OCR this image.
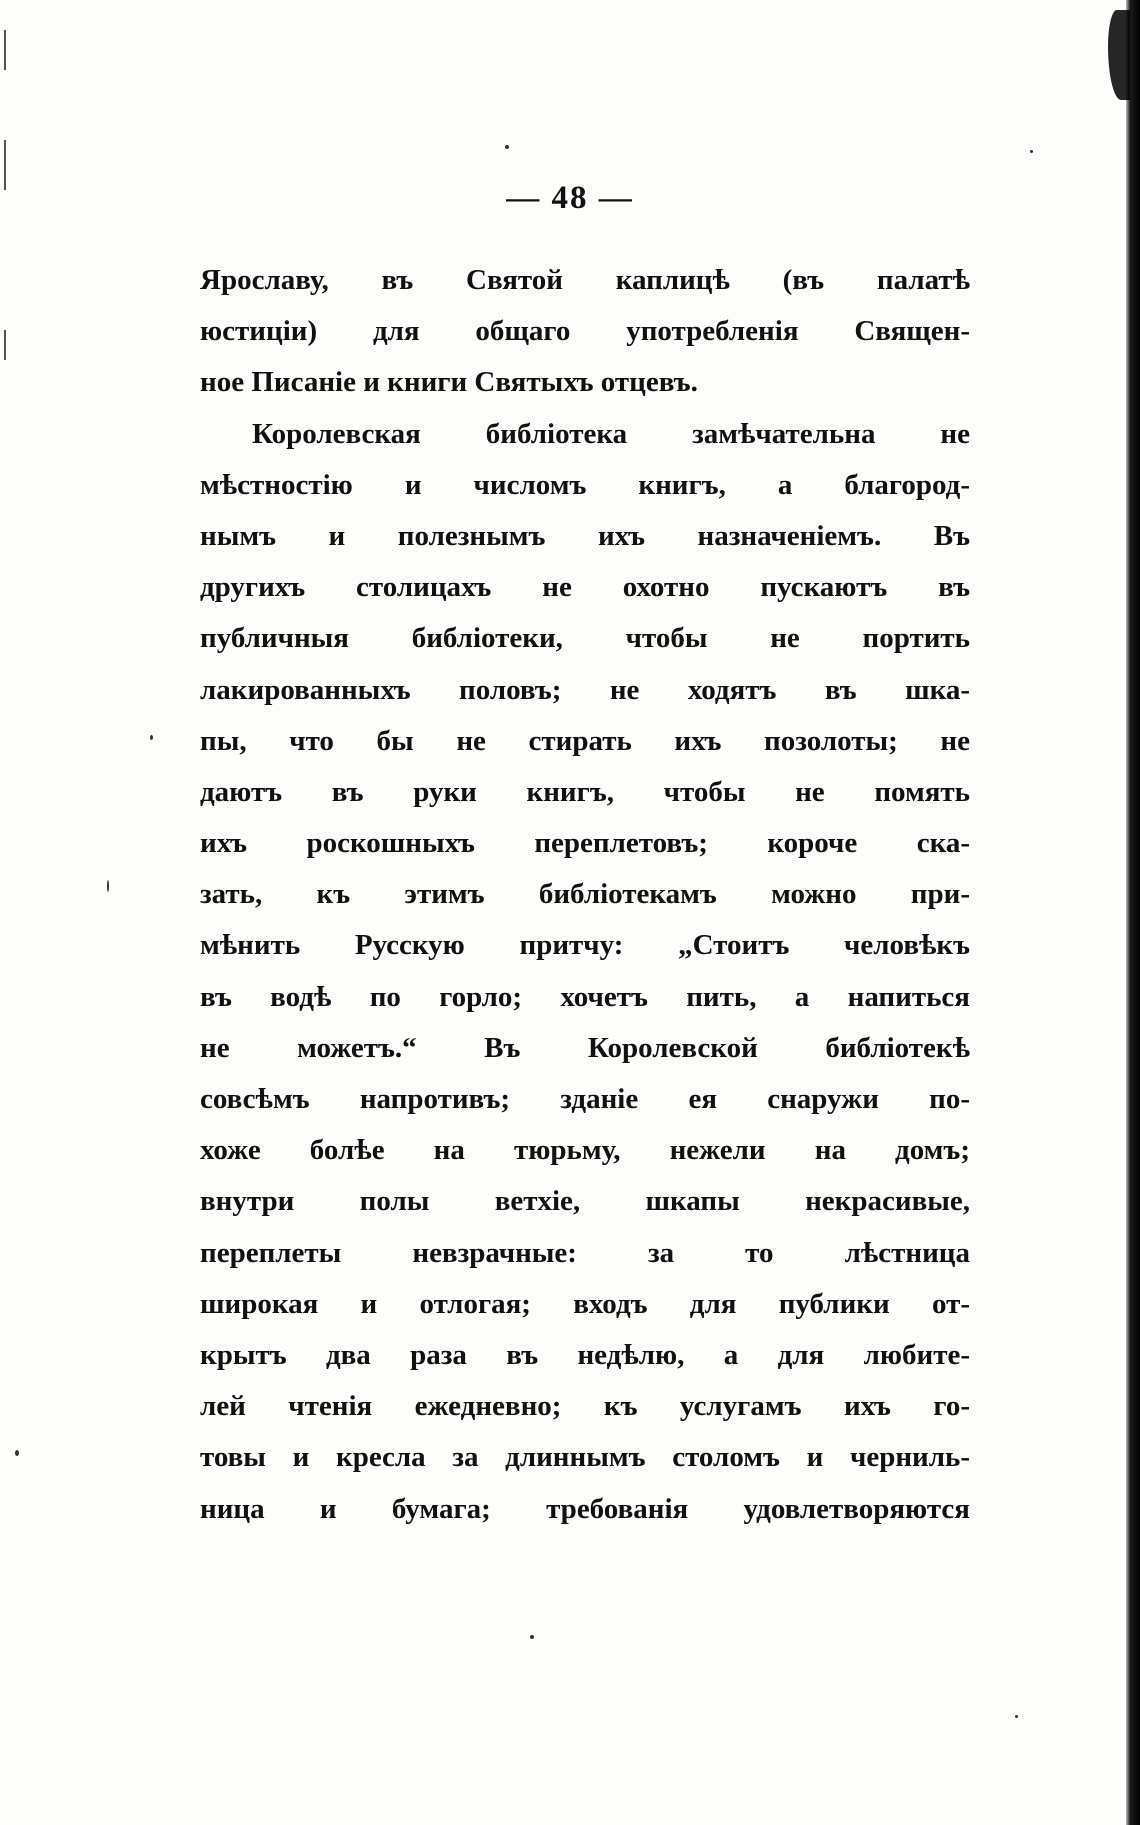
— 48 —
Ярославу, въ Святой каплицѣ (въ палатѣ
юстиціи) для общаго употребленія Священ-
ное Писаніе и книги Святыхъ отцевъ.
Королевская библіотека замѣчательна не
мѣстностію и числомъ книгъ, а благород-
нымъ и полезнымъ ихъ назначеніемъ. Въ
другихъ столицахъ не охотно пускаютъ въ
публичныя библіотеки, чтобы не портить
лакированныхъ половъ; не ходятъ въ шка-
пы, что бы не стирать ихъ позолоты; не
даютъ въ руки книгъ, чтобы не помять
ихъ роскошныхъ переплетовъ; короче ска-
зать, къ этимъ библіотекамъ можно при-
мѣнить Русскую притчу: „Стоитъ человѣкъ
въ водѣ по горло; хочетъ пить, а напиться
не можетъ.“ Въ Королевской библіотекѣ
совсѣмъ напротивъ; зданіе ея снаружи по-
хоже болѣе на тюрьму, нежели на домъ;
внутри полы ветхіе, шкапы некрасивые,
переплеты невзрачные: за то лѣстница
широкая и отлогая; входъ для публики от-
крытъ два раза въ недѣлю, а для любите-
лей чтенія ежедневно; къ услугамъ ихъ го-
товы и кресла за длиннымъ столомъ и черниль-
ница и бумага; требованія удовлетворяются
